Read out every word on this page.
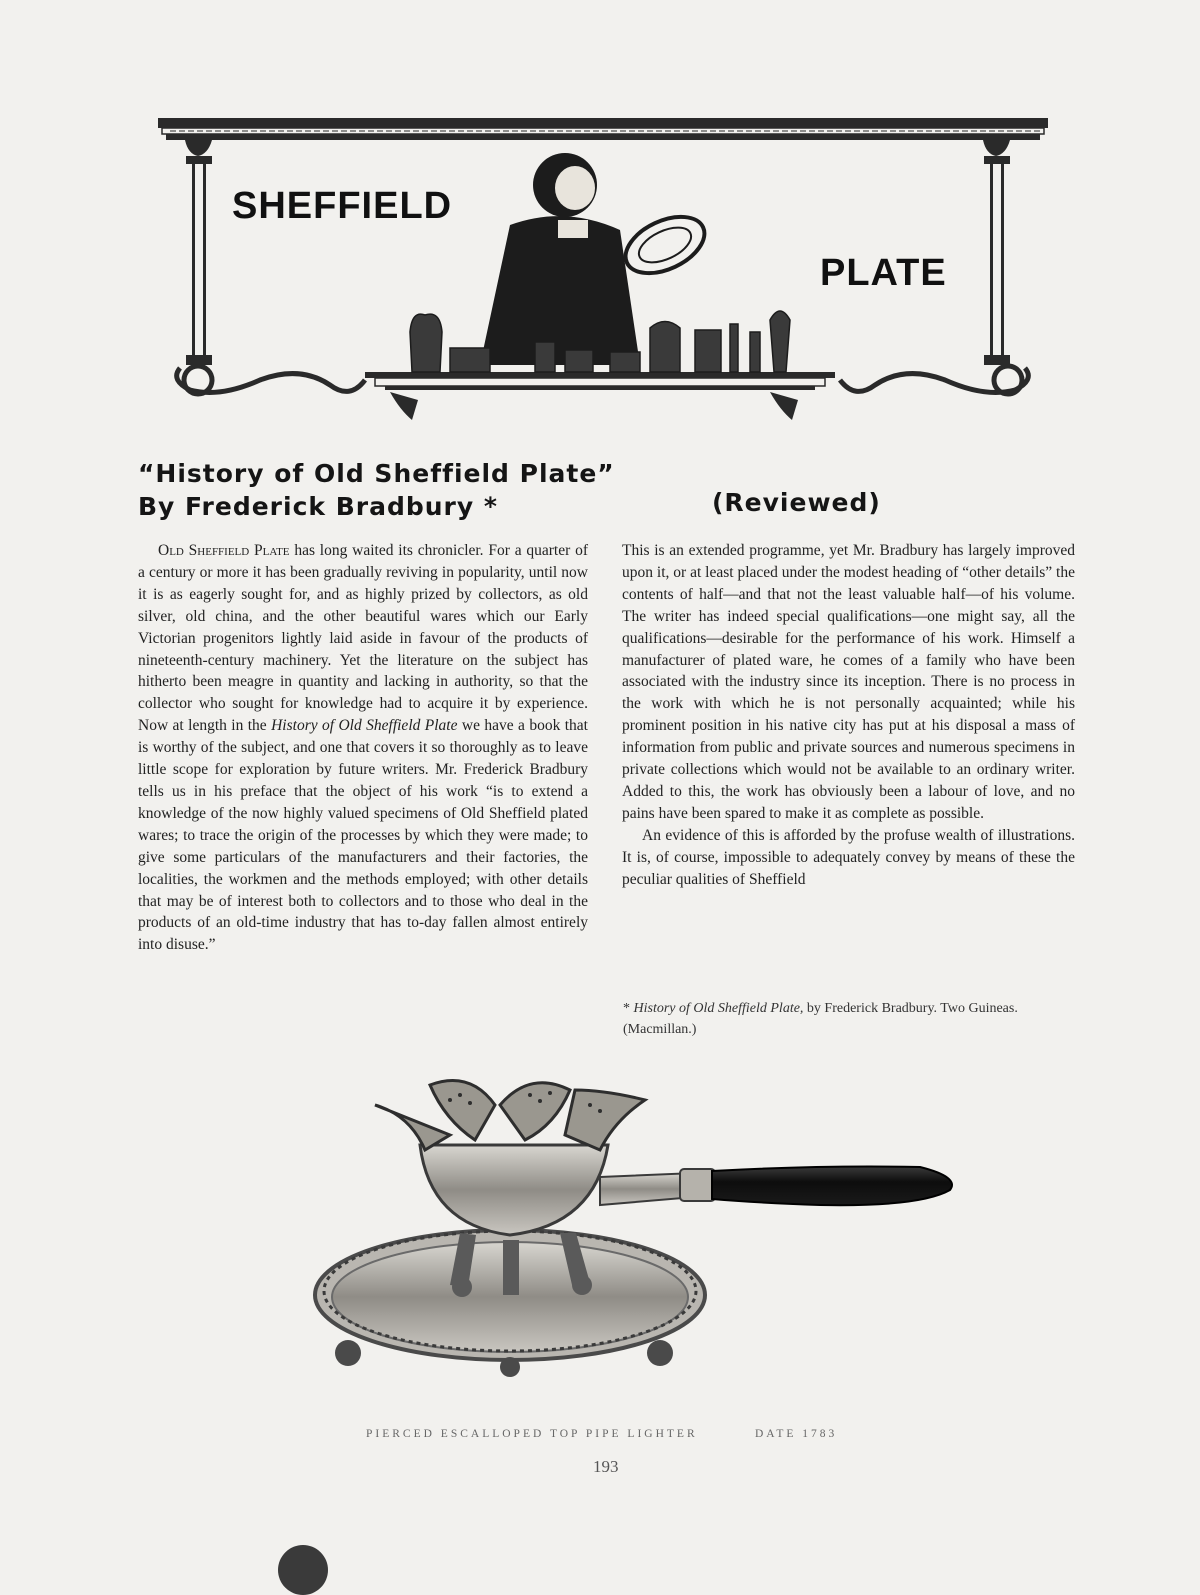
SHEFFIELD
PLATE
“History of Old Sheffield Plate”
By Frederick Bradbury *	(Reviewed)

Old Sheffield Plate has long waited its chronicler. For a quarter of a century or more it has been gradually reviving in popularity, until now it is as eagerly sought for, and as highly prized by collectors, as old silver, old china, and the other beautiful wares which our Early Victorian progenitors lightly laid aside in favour of the products of nineteenth-century machinery. Yet the literature on the subject has hitherto been meagre in quantity and lacking in authority, so that the collector who sought for knowledge had to acquire it by experience. Now at length in the History of Old Sheffield Plate we have a book that is worthy of the subject, and one that covers it so thoroughly as to leave little scope for exploration by future writers. Mr. Frederick Bradbury tells us in his preface that the object of his work “is to extend a knowledge of the now highly valued specimens of Old Sheffield plated wares; to trace the origin of the processes by which they were made; to give some particulars of the manufacturers and their factories, the localities, the workmen and the methods employed; with other details that may be of interest both to collectors and to those who deal in the products of an old-time industry that has to-day fallen almost entirely into disuse.”

This is an extended programme, yet Mr. Bradbury has largely improved upon it, or at least placed under the modest heading of “other details” the contents of half—and that not the least valuable half—of his volume. The writer has indeed special qualifications—one might say, all the qualifications—desirable for the performance of his work. Himself a manufacturer of plated ware, he comes of a family who have been associated with the industry since its inception. There is no process in the work with which he is not personally acquainted; while his prominent position in his native city has put at his disposal a mass of information from public and private sources and numerous specimens in private collections which would not be available to an ordinary writer. Added to this, the work has obviously been a labour of love, and no pains have been spared to make it as complete as possible.

An evidence of this is afforded by the profuse wealth of illustrations. It is, of course, impossible to adequately convey by means of these the peculiar qualities of Sheffield

* History of Old Sheffield Plate, by Frederick Bradbury. Two Guineas. (Macmillan.)
PIERCED ESCALLOPED TOP PIPE LIGHTER	DATE 1783
193
